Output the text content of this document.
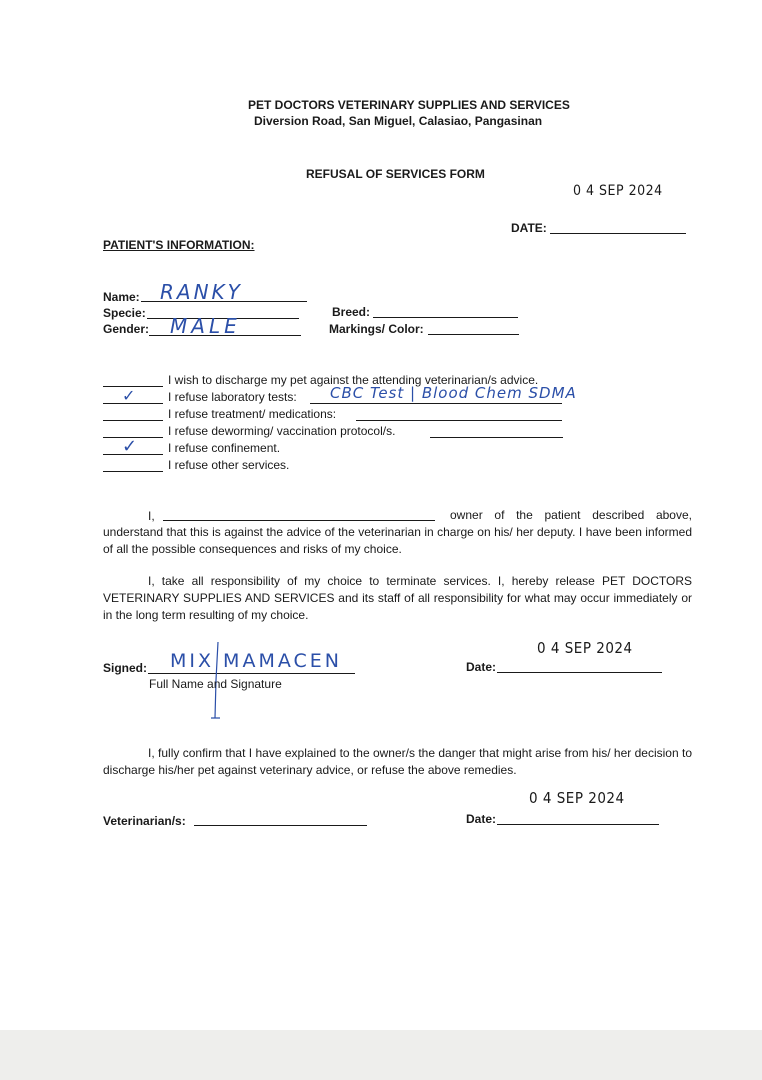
PET DOCTORS VETERINARY SUPPLIES AND SERVICES
Diversion Road, San Miguel, Calasiao, Pangasinan
REFUSAL OF SERVICES FORM
0 4 SEP 2024
DATE:
PATIENT'S INFORMATION:
Name: RANKY
Specie:
Gender: MALE
Breed:
Markings/ Color:
I wish to discharge my pet against the attending veterinarian/s advice.
✓	I refuse laboratory tests: CBC Test | Blood Chem SDMA
I refuse treatment/ medications:
I refuse deworming/ vaccination protocol/s.
✓	I refuse confinement.
I refuse other services.
I,	owner of the patient described above, understand that this is against the advice of the veterinarian in charge on his/ her deputy. I have been informed of all the possible consequences and risks of my choice.
I, take all responsibility of my choice to terminate services. I, hereby release PET DOCTORS VETERINARY SUPPLIES AND SERVICES and its staff of all responsibility for what may occur immediately or in the long term resulting of my choice.
Signed: MIX MAMACEN
Full Name and Signature
0 4 SEP 2024
Date:
I, fully confirm that I have explained to the owner/s the danger that might arise from his/ her decision to discharge his/her pet against veterinary advice, or refuse the above remedies.
0 4 SEP 2024
Veterinarian/s:	Date:
